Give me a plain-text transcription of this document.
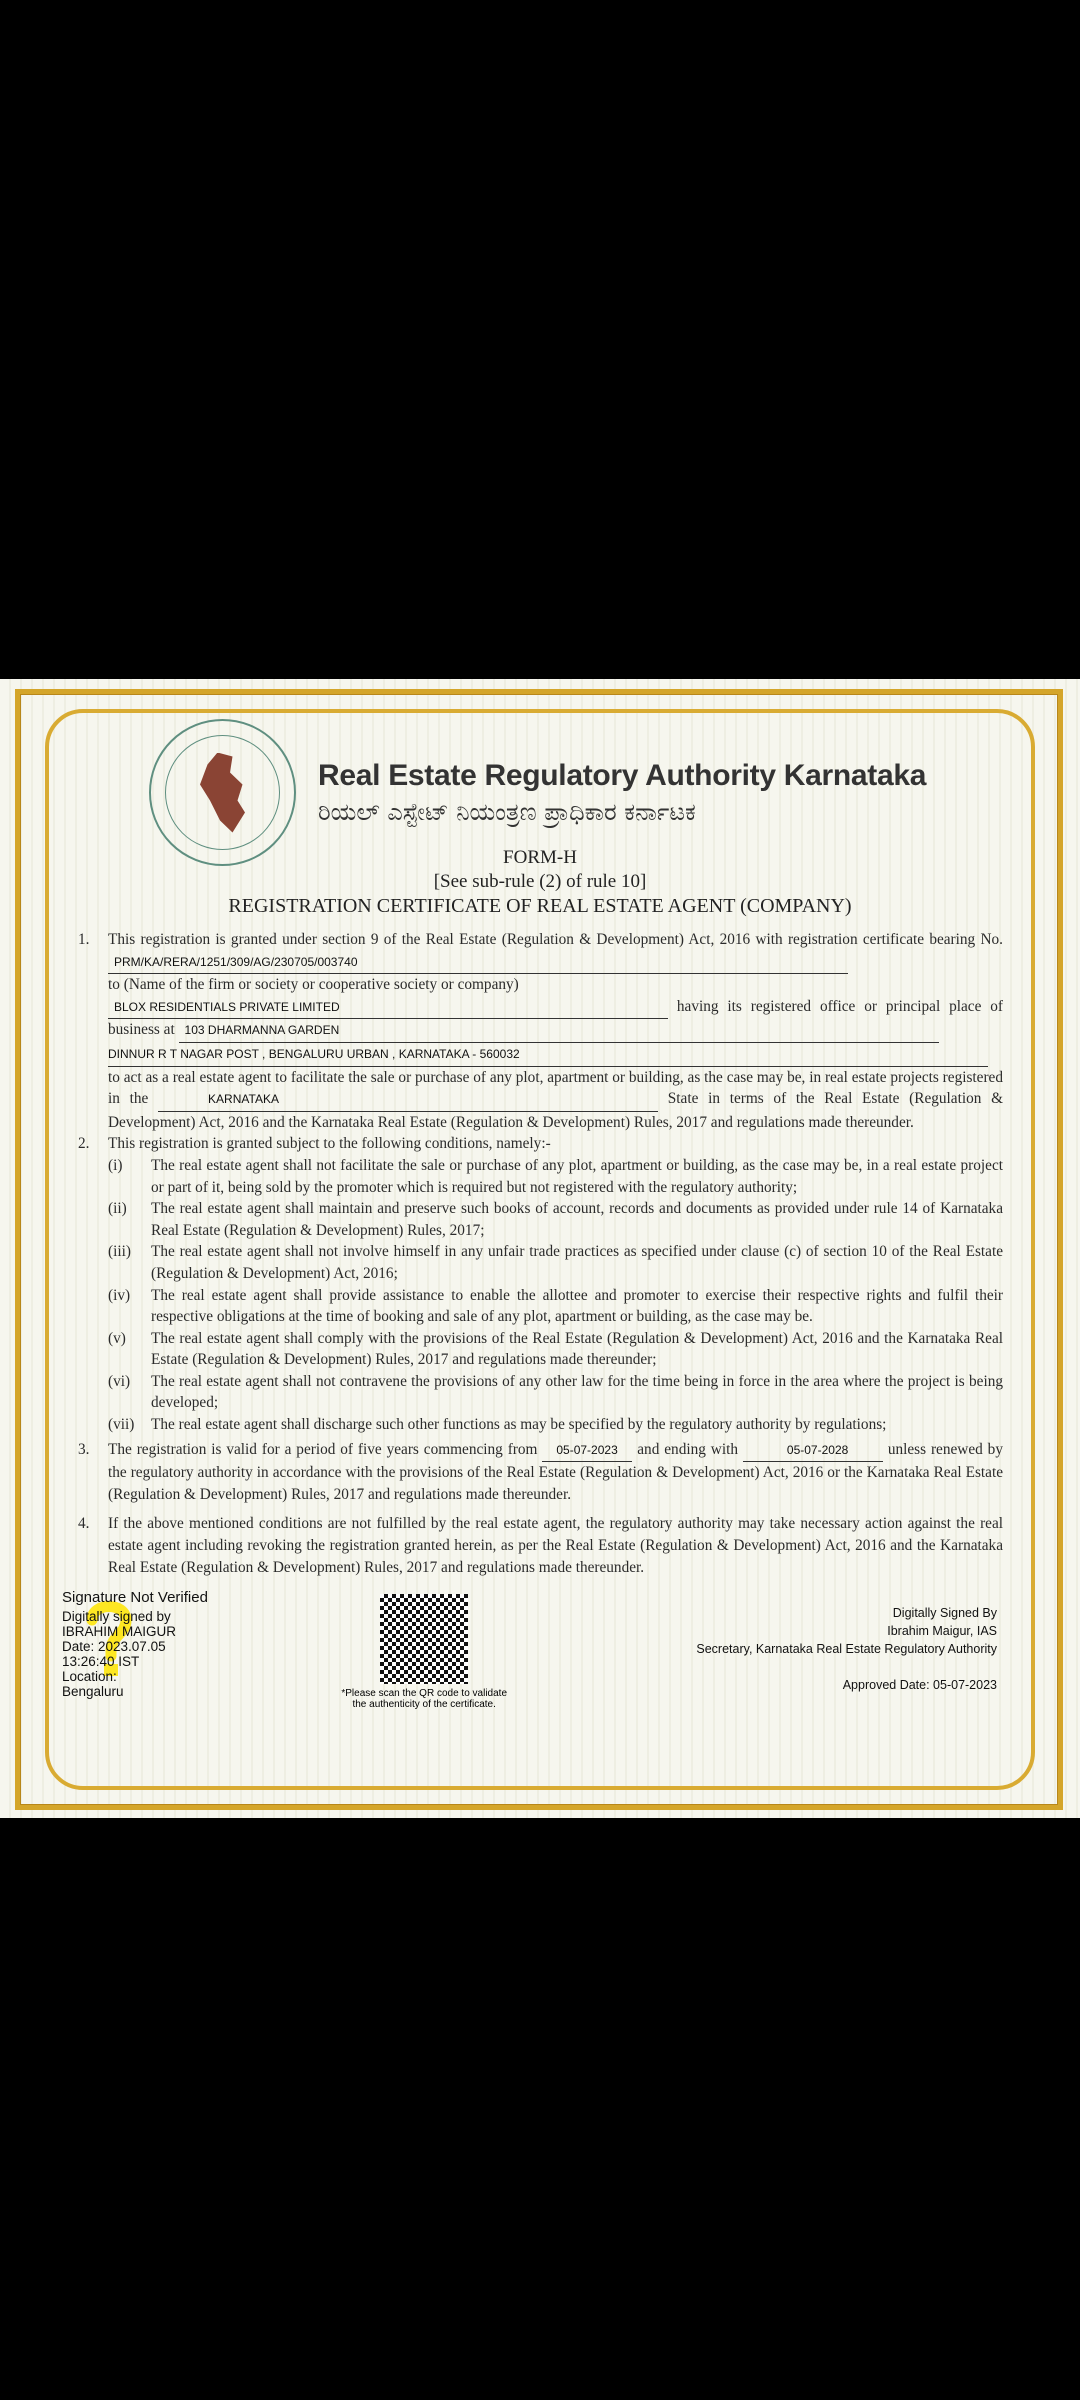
Real Estate Regulatory Authority Karnataka
ರಿಯಲ್ ಎಸ್ಟೇಟ್ ನಿಯಂತ್ರಣ ಪ್ರಾಧಿಕಾರ ಕರ್ನಾಟಕ
FORM-H
[See sub-rule (2) of rule 10]
REGISTRATION CERTIFICATE OF REAL ESTATE AGENT (COMPANY)
1.	This registration is granted under section 9 of the Real Estate (Regulation & Development) Act, 2016 with registration certificate bearing No. PRM/KA/RERA/1251/309/AG/230705/003740
to (Name of the firm or society or cooperative society or company)
BLOX RESIDENTIALS PRIVATE LIMITED	having its registered office or principal place of business at 103 DHARMANNA GARDEN
DINNUR R T NAGAR POST , BENGALURU URBAN , KARNATAKA - 560032
to act as a real estate agent to facilitate the sale or purchase of any plot, apartment or building, as the case may be, in real estate projects registered in the	KARNATAKA	State in terms of the Real Estate (Regulation & Development) Act, 2016 and the Karnataka Real Estate (Regulation & Development) Rules, 2017 and regulations made thereunder.
2.	This registration is granted subject to the following conditions, namely:-
(i)	The real estate agent shall not facilitate the sale or purchase of any plot, apartment or building, as the case may be, in a real estate project or part of it, being sold by the promoter which is required but not registered with the regulatory authority;
(ii)	The real estate agent shall maintain and preserve such books of account, records and documents as provided under rule 14 of Karnataka Real Estate (Regulation & Development) Rules, 2017;
(iii)	The real estate agent shall not involve himself in any unfair trade practices as specified under clause (c) of section 10 of the Real Estate (Regulation & Development) Act, 2016;
(iv)	The real estate agent shall provide assistance to enable the allottee and promoter to exercise their respective rights and fulfil their respective obligations at the time of booking and sale of any plot, apartment or building, as the case may be.
(v)	The real estate agent shall comply with the provisions of the Real Estate (Regulation & Development) Act, 2016 and the Karnataka Real Estate (Regulation & Development) Rules, 2017 and regulations made thereunder;
(vi)	The real estate agent shall not contravene the provisions of any other law for the time being in force in the area where the project is being developed;
(vii)	The real estate agent shall discharge such other functions as may be specified by the regulatory authority by regulations;
3.	The registration is valid for a period of five years commencing from 05-07-2023 and ending with	05-07-2028	unless renewed by the regulatory authority in accordance with the provisions of the Real Estate (Regulation & Development) Act, 2016 or the Karnataka Real Estate (Regulation & Development) Rules, 2017 and regulations made thereunder.
4.	If the above mentioned conditions are not fulfilled by the real estate agent, the regulatory authority may take necessary action against the real estate agent including revoking the registration granted herein, as per the Real Estate (Regulation & Development) Act, 2016 and the Karnataka Real Estate (Regulation & Development) Rules, 2017 and regulations made thereunder.
Signature Not Verified
Digitally signed by
IBRAHIM MAIGUR
Date: 2023.07.05
13:26:40 IST
Location:
Bengaluru	*Please scan the QR code to validate
the authenticity of the certificate.
Digitally Signed By
Ibrahim Maigur, IAS
Secretary, Karnataka Real Estate Regulatory Authority
Approved Date: 05-07-2023
